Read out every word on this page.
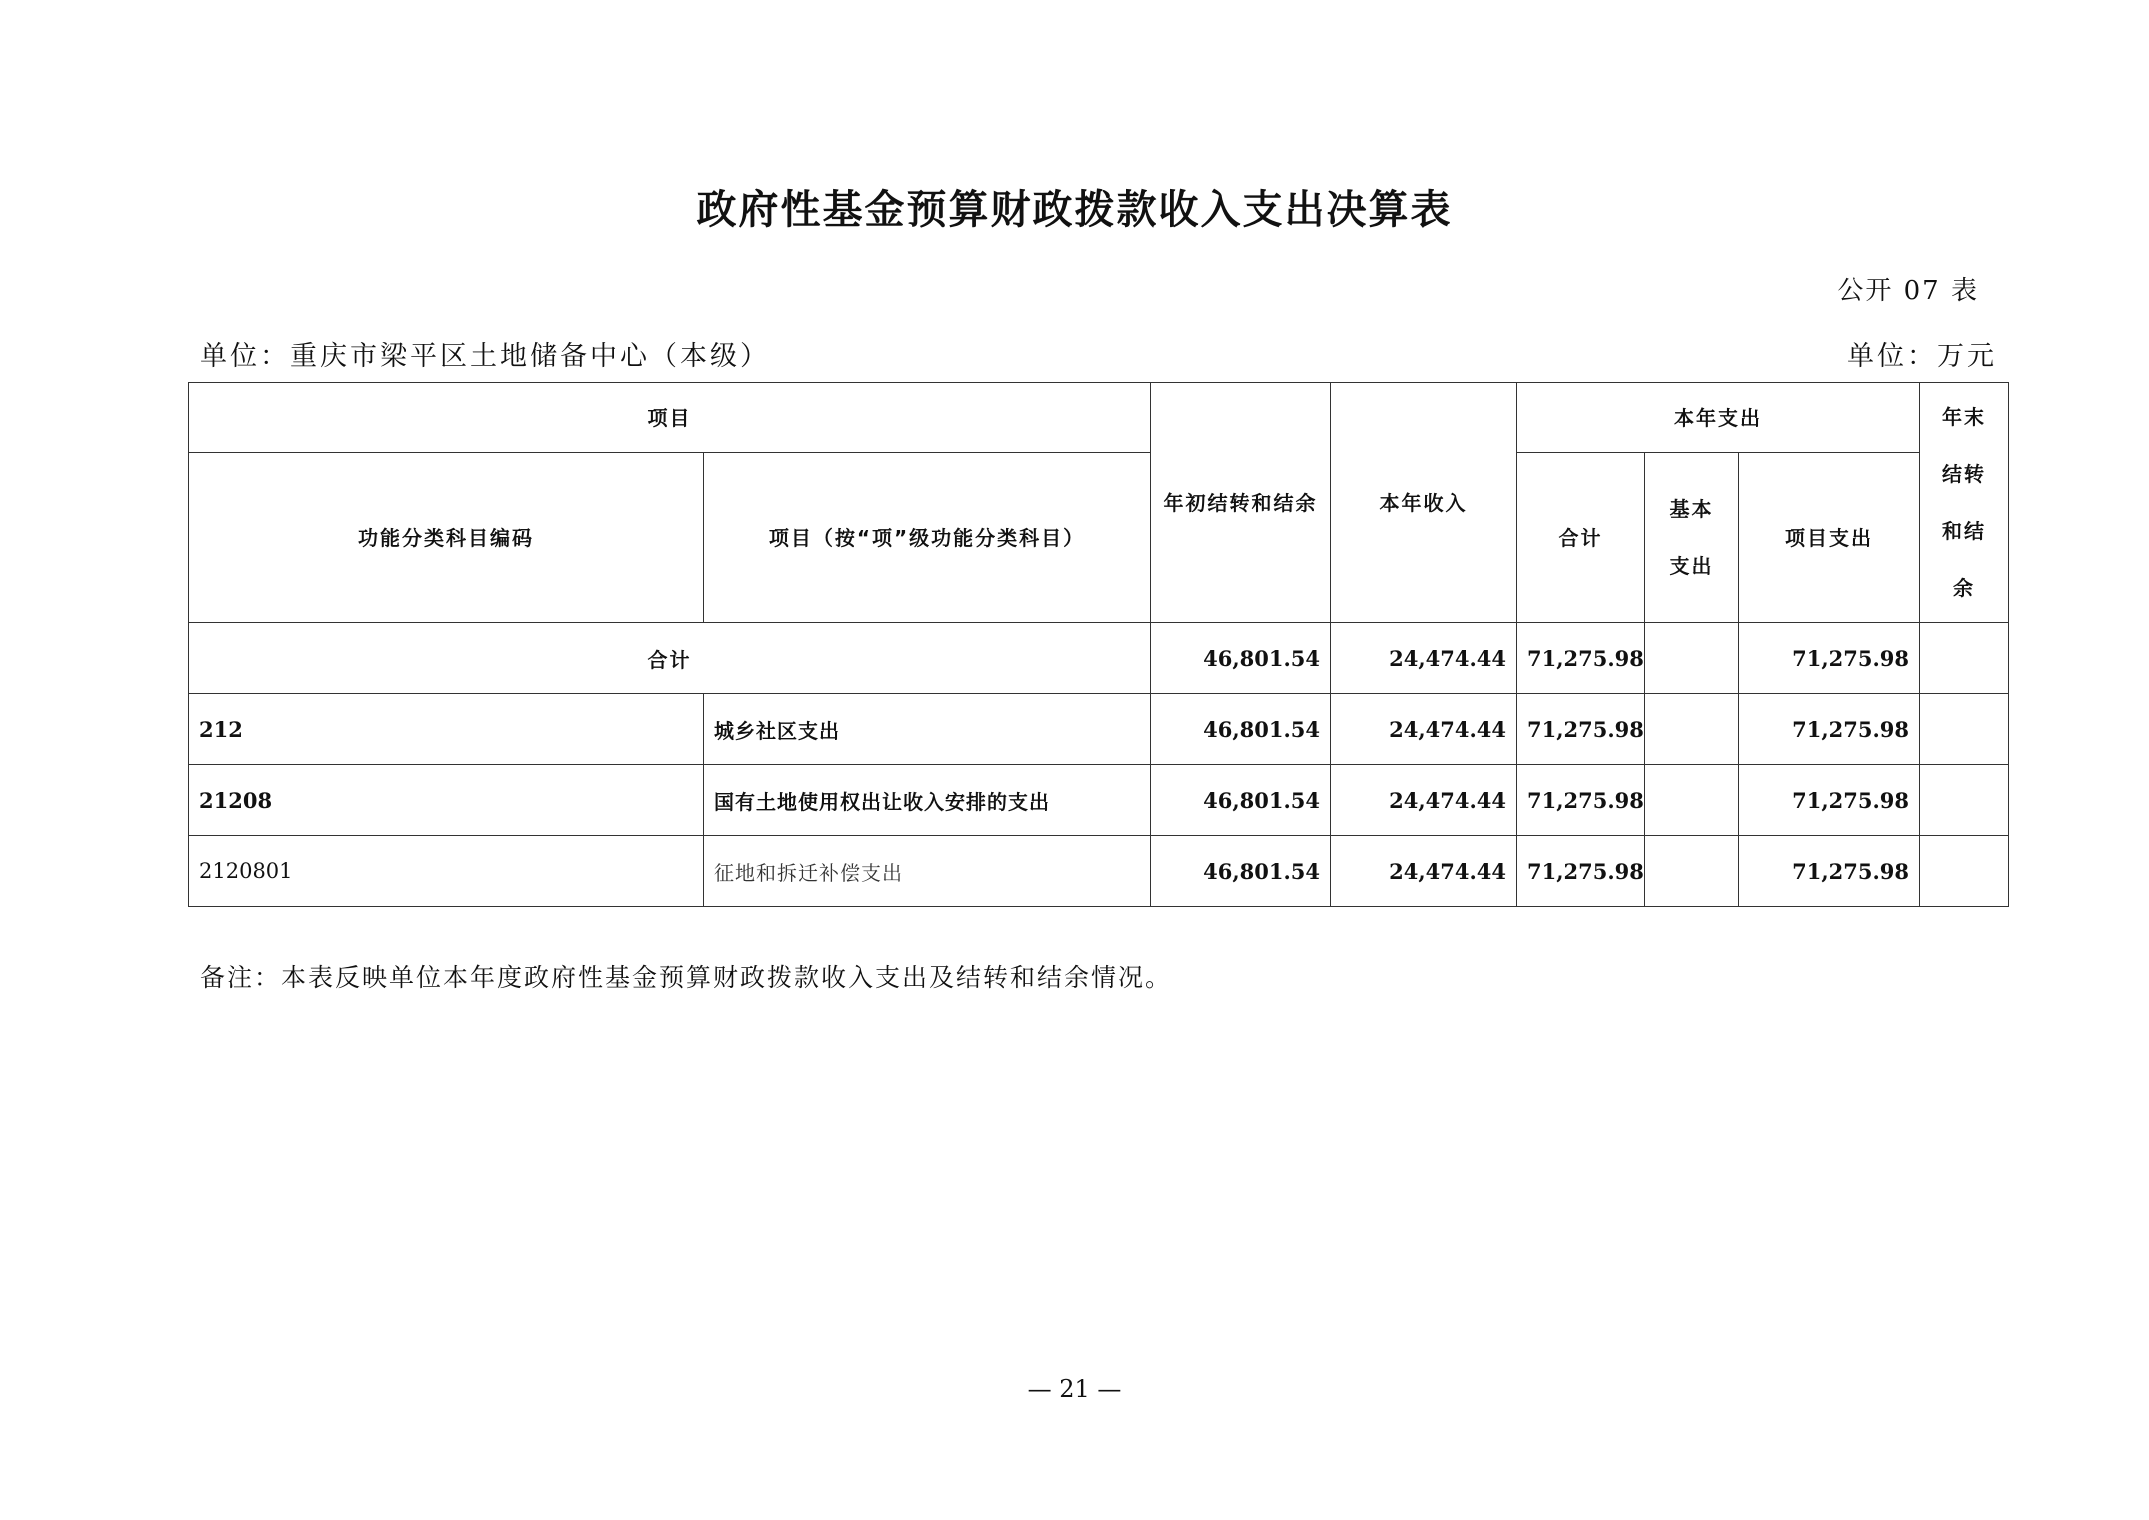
政府性基金预算财政拨款收入支出决算表
公开 07 表
单位：重庆市梁平区土地储备中心（本级）	单位：万元
项目		年初结转和结余	本年收入	本年支出			年末结转和结余
功能分类科目编码	项目（按“项”级功能分类科目）			合计	基本支出	项目支出	
合计		46,801.54	24,474.44	71,275.98		71,275.98	
212	城乡社区支出	46,801.54	24,474.44	71,275.98		71,275.98	
21208	国有土地使用权出让收入安排的支出	46,801.54	24,474.44	71,275.98		71,275.98	
2120801	征地和拆迁补偿支出	46,801.54	24,474.44	71,275.98		71,275.98	
备注：本表反映单位本年度政府性基金预算财政拨款收入支出及结转和结余情况。
— 21 —
